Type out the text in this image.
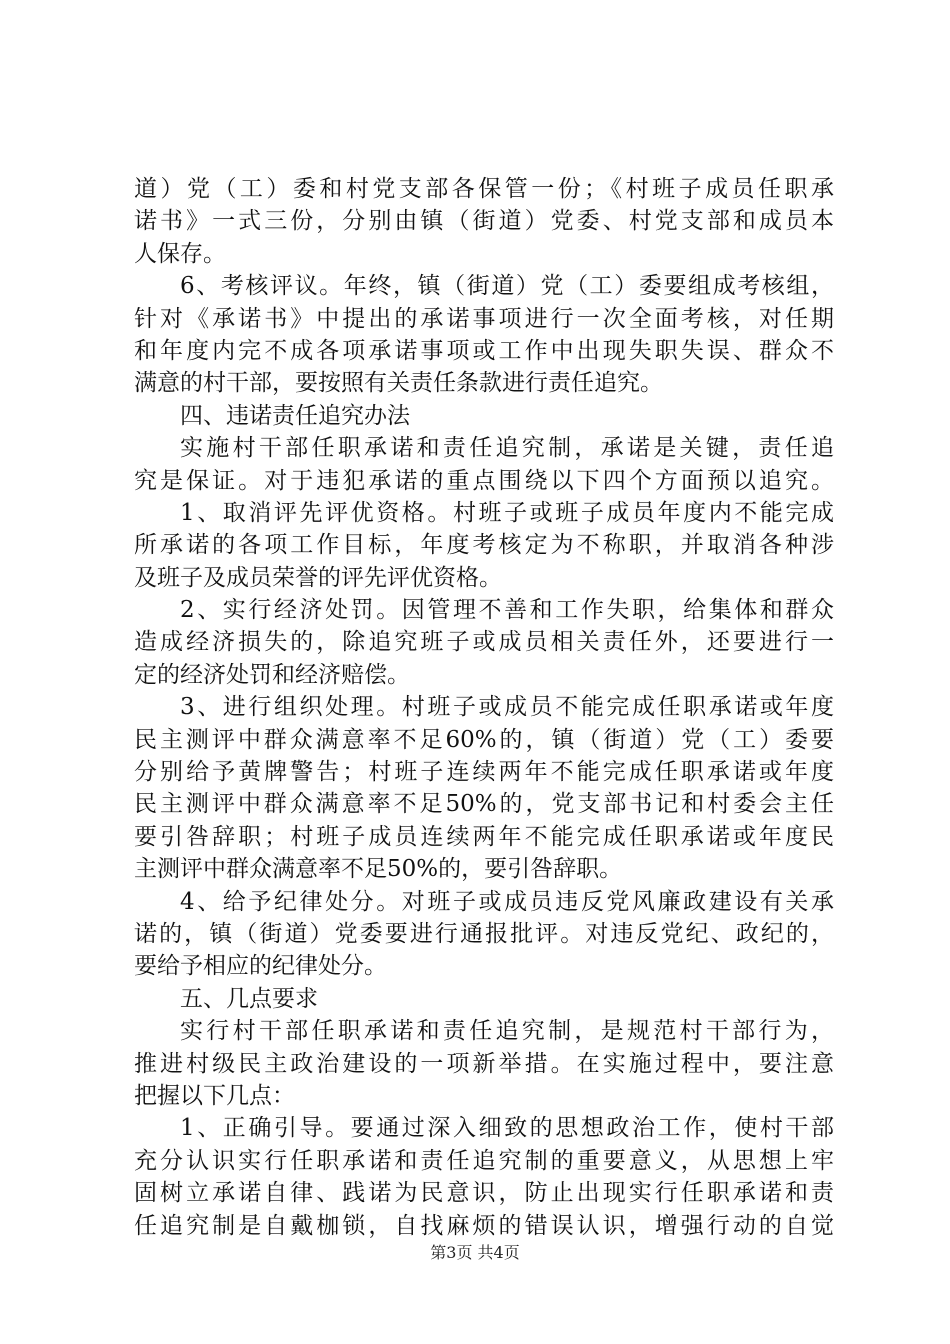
道）党（工）委和村党支部各保管一份；《村班子成员任职承
诺书》一式三份，分别由镇（街道）党委、村党支部和成员本
人保存。
6、考核评议。年终，镇（街道）党（工）委要组成考核组，
针对《承诺书》中提出的承诺事项进行一次全面考核，对任期
和年度内完不成各项承诺事项或工作中出现失职失误、群众不
满意的村干部，要按照有关责任条款进行责任追究。
四、违诺责任追究办法
实施村干部任职承诺和责任追究制，承诺是关键，责任追
究是保证。对于违犯承诺的重点围绕以下四个方面预以追究。
1、取消评先评优资格。村班子或班子成员年度内不能完成
所承诺的各项工作目标，年度考核定为不称职，并取消各种涉
及班子及成员荣誉的评先评优资格。
2、实行经济处罚。因管理不善和工作失职，给集体和群众
造成经济损失的，除追究班子或成员相关责任外，还要进行一
定的经济处罚和经济赔偿。
3、进行组织处理。村班子或成员不能完成任职承诺或年度
民主测评中群众满意率不足60%的，镇（街道）党（工）委要
分别给予黄牌警告；村班子连续两年不能完成任职承诺或年度
民主测评中群众满意率不足50%的，党支部书记和村委会主任
要引咎辞职；村班子成员连续两年不能完成任职承诺或年度民
主测评中群众满意率不足50%的，要引咎辞职。
4、给予纪律处分。对班子或成员违反党风廉政建设有关承
诺的，镇（街道）党委要进行通报批评。对违反党纪、政纪的，
要给予相应的纪律处分。
五、几点要求
实行村干部任职承诺和责任追究制，是规范村干部行为，
推进村级民主政治建设的一项新举措。在实施过程中，要注意
把握以下几点：
1、正确引导。要通过深入细致的思想政治工作，使村干部
充分认识实行任职承诺和责任追究制的重要意义，从思想上牢
固树立承诺自律、践诺为民意识，防止出现实行任职承诺和责
任追究制是自戴枷锁，自找麻烦的错误认识，增强行动的自觉
第3页 共4页
